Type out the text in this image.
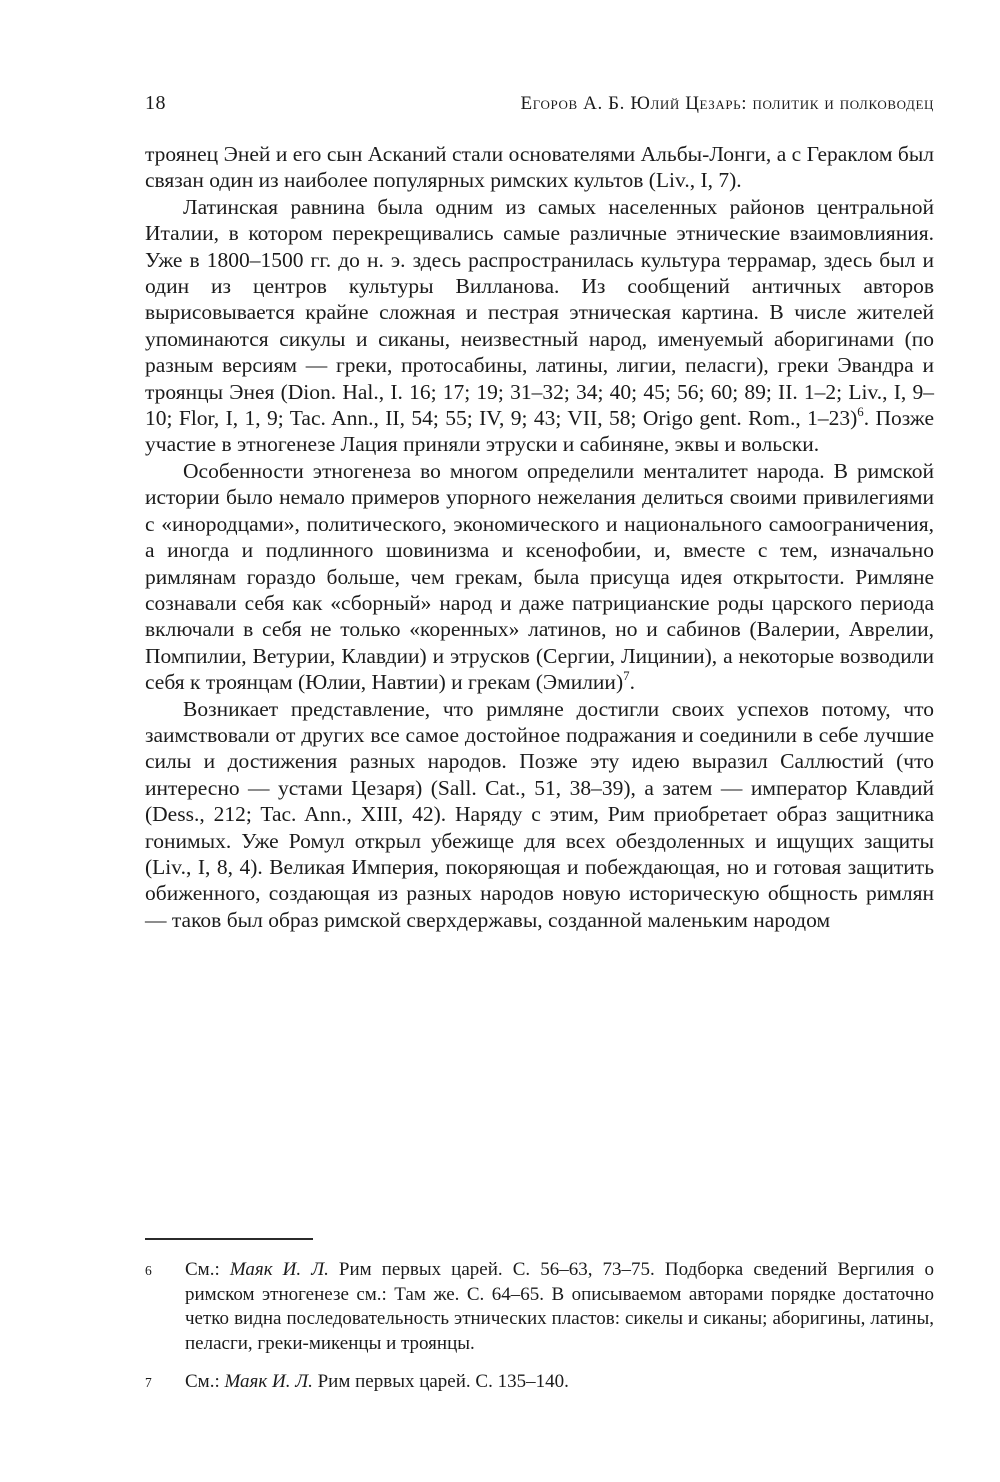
18	Егоров А. Б. Юлий Цезарь: политик и полководец

троянец Эней и его сын Асканий стали основателями Альбы-Лонги, а с Гераклом был связан один из наиболее популярных римских культов (Liv., I, 7).

Латинская равнина была одним из самых населенных районов центральной Италии, в котором перекрещивались самые различные этнические взаимовлияния. Уже в 1800–1500 гг. до н. э. здесь распространилась культура террамар, здесь был и один из центров культуры Вилланова. Из сообщений античных авторов вырисовывается крайне сложная и пестрая этническая картина. В числе жителей упоминаются сикулы и сиканы, неизвестный народ, именуемый аборигинами (по разным версиям — греки, протосабины, латины, лигии, пеласги), греки Эвандра и троянцы Энея (Dion. Hal., I. 16; 17; 19; 31–32; 34; 40; 45; 56; 60; 89; II. 1–2; Liv., I, 9–10; Flor, I, 1, 9; Tac. Ann., II, 54; 55; IV, 9; 43; VII, 58; Origo gent. Rom., 1–23)$^6$. Позже участие в этногенезе Лация приняли этруски и сабиняне, эквы и вольски.

Особенности этногенеза во многом определили менталитет народа. В римской истории было немало примеров упорного нежелания делиться своими привилегиями с «инородцами», политического, экономического и национального самоограничения, а иногда и подлинного шовинизма и ксенофобии, и, вместе с тем, изначально римлянам гораздо больше, чем грекам, была присуща идея открытости. Римляне сознавали себя как «сборный» народ и даже патрицианские роды царского периода включали в себя не только «коренных» латинов, но и сабинов (Валерии, Аврелии, Помпилии, Ветурии, Клавдии) и этрусков (Сергии, Лицинии), а некоторые возводили себя к троянцам (Юлии, Навтии) и грекам (Эмилии)$^7$.

Возникает представление, что римляне достигли своих успехов потому, что заимствовали от других все самое достойное подражания и соединили в себе лучшие силы и достижения разных народов. Позже эту идею выразил Саллюстий (что интересно — устами Цезаря) (Sall. Cat., 51, 38–39), а затем — император Клавдий (Dess., 212; Tac. Ann., XIII, 42). Наряду с этим, Рим приобретает образ защитника гонимых. Уже Ромул открыл убежище для всех обездоленных и ищущих защиты (Liv., I, 8, 4). Великая Империя, покоряющая и побеждающая, но и готовая защитить обиженного, создающая из разных народов новую историческую общность римлян — таков был образ римской сверхдержавы, созданной маленьким народом

6	См.: Маяк И. Л. Рим первых царей. С. 56–63, 73–75. Подборка сведений Вергилия о римском этногенезе см.: Там же. С. 64–65. В описываемом авторами порядке достаточно четко видна последовательность этнических пластов: сикелы и сиканы; аборигины, латины, пеласги, греки-микенцы и троянцы.
7	См.: Маяк И. Л. Рим первых царей. С. 135–140.
